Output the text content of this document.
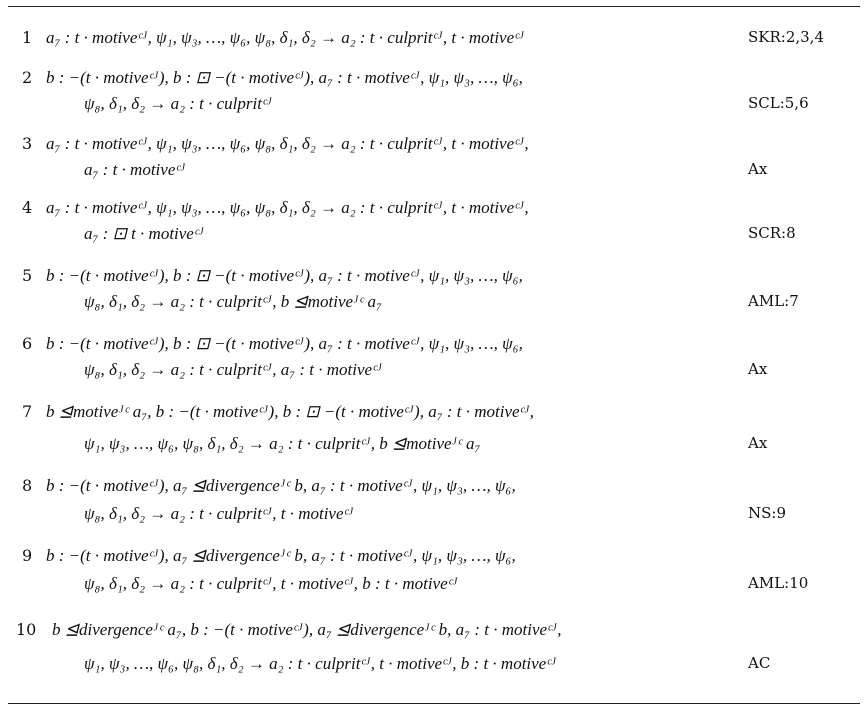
1 a₇ : t · motiveᶜᴶ, ψ₁, ψ₃, …, ψ₆, ψ₈, δ₁, δ₂ → a₂ : t · culpritᶜᴶ, t · motiveᶜᴶ	SKR:2,3,4
2 b : −(t · motiveᶜᴶ), b : ⊡ −(t · motiveᶜᴶ), a₇ : t · motiveᶜᴶ, ψ₁, ψ₃, …, ψ₆,
ψ₈, δ₁, δ₂ → a₂ : t · culpritᶜᴶ	SCL:5,6
3 a₇ : t · motiveᶜᴶ, ψ₁, ψ₃, …, ψ₆, ψ₈, δ₁, δ₂ → a₂ : t · culpritᶜᴶ, t · motiveᶜᴶ,
a₇ : t · motiveᶜᴶ	Ax
4 a₇ : t · motiveᶜᴶ, ψ₁, ψ₃, …, ψ₆, ψ₈, δ₁, δ₂ → a₂ : t · culpritᶜᴶ, t · motiveᶜᴶ,
a₇ : ⊡ t · motiveᶜᴶ	SCR:8
5 b : −(t · motiveᶜᴶ), b : ⊡ −(t · motiveᶜᴶ), a₇ : t · motiveᶜᴶ, ψ₁, ψ₃, …, ψ₆,
ψ₈, δ₁, δ₂ → a₂ : t · culpritᶜᴶ, b ⊴motiveᴶᶜ a₇	AML:7
6 b : −(t · motiveᶜᴶ), b : ⊡ −(t · motiveᶜᴶ), a₇ : t · motiveᶜᴶ, ψ₁, ψ₃, …, ψ₆,
ψ₈, δ₁, δ₂ → a₂ : t · culpritᶜᴶ, a₇ : t · motiveᶜᴶ	Ax
7 b ⊴motiveᴶᶜ a₇, b : −(t · motiveᶜᴶ), b : ⊡ −(t · motiveᶜᴶ), a₇ : t · motiveᶜᴶ,
ψ₁, ψ₃, …, ψ₆, ψ₈, δ₁, δ₂ → a₂ : t · culpritᶜᴶ, b ⊴motiveᴶᶜ a₇	Ax
8 b : −(t · motiveᶜᴶ), a₇ ⊴divergenceᴶᶜ b, a₇ : t · motiveᶜᴶ, ψ₁, ψ₃, …, ψ₆,
ψ₈, δ₁, δ₂ → a₂ : t · culpritᶜᴶ, t · motiveᶜᴶ	NS:9
9 b : −(t · motiveᶜᴶ), a₇ ⊴divergenceᴶᶜ b, a₇ : t · motiveᶜᴶ, ψ₁, ψ₃, …, ψ₆,
ψ₈, δ₁, δ₂ → a₂ : t · culpritᶜᴶ, t · motiveᶜᴶ, b : t · motiveᶜᴶ	AML:10
10 b ⊴divergenceᴶᶜ a₇, b : −(t · motiveᶜᴶ), a₇ ⊴divergenceᴶᶜ b, a₇ : t · motiveᶜᴶ,
ψ₁, ψ₃, …, ψ₆, ψ₈, δ₁, δ₂ → a₂ : t · culpritᶜᴶ, t · motiveᶜᴶ, b : t · motiveᶜᴶ	AC
